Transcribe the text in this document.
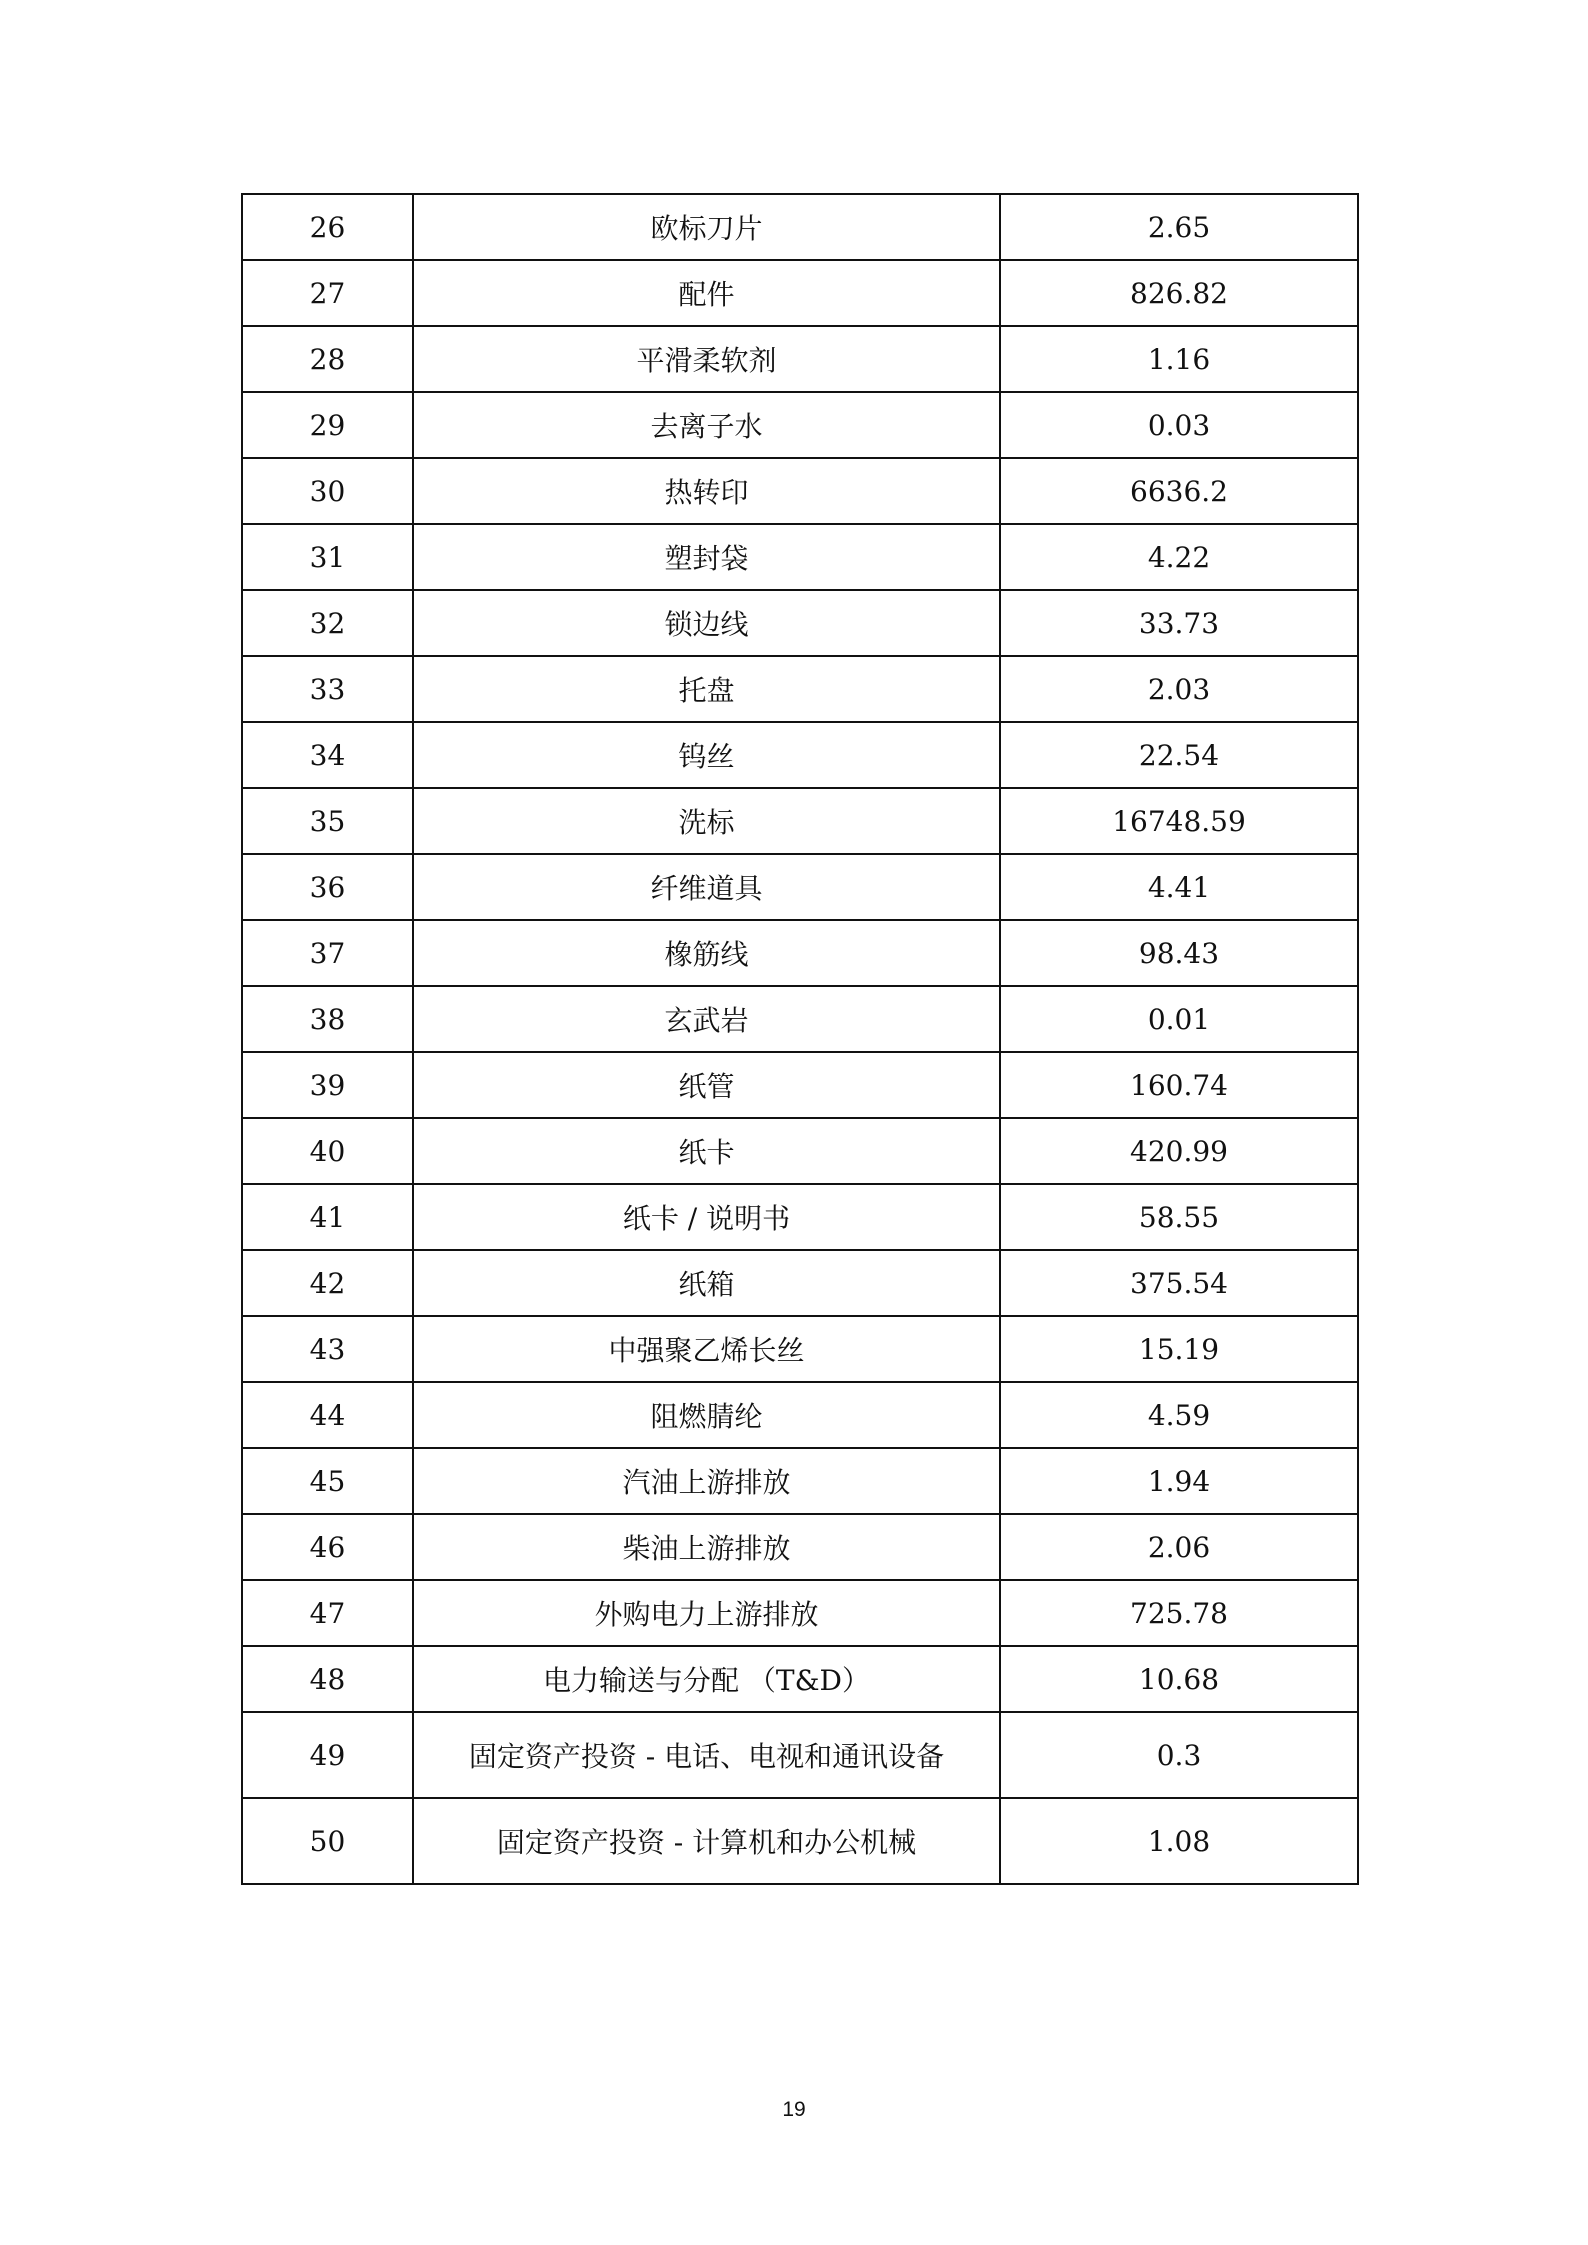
26	欧标刀片	2.65
27	配件	826.82
28	平滑柔软剂	1.16
29	去离子水	0.03
30	热转印	6636.2
31	塑封袋	4.22
32	锁边线	33.73
33	托盘	2.03
34	钨丝	22.54
35	洗标	16748.59
36	纤维道具	4.41
37	橡筋线	98.43
38	玄武岩	0.01
39	纸管	160.74
40	纸卡	420.99
41	纸卡 / 说明书	58.55
42	纸箱	375.54
43	中强聚乙烯长丝	15.19
44	阻燃腈纶	4.59
45	汽油上游排放	1.94
46	柴油上游排放	2.06
47	外购电力上游排放	725.78
48	电力输送与分配 （T&D）	10.68
49	固定资产投资 - 电话、电视和通讯设备	0.3
50	固定资产投资 - 计算机和办公机械	1.08
19
